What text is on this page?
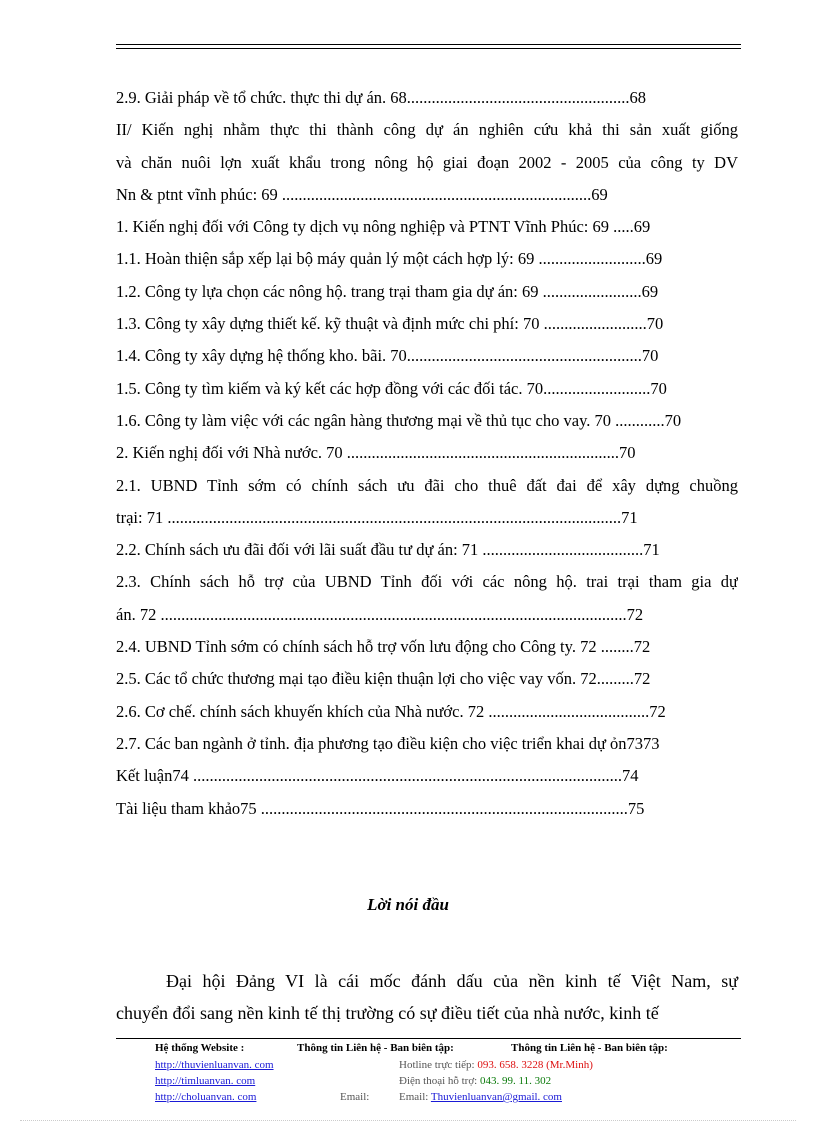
2.9. Giải pháp về tổ chức. thực thi dự án. 68......................................................68
II/ Kiến nghị nhằm thực thi thành công dự án nghiên cứu khả thi sản xuất giống
và chăn nuôi lợn xuất khẩu trong nông hộ giai đoạn 2002 - 2005 của công ty DV
Nn & ptnt vĩnh phúc: 69 ...........................................................................69
1. Kiến nghị đối với Công ty dịch vụ nông nghiệp và PTNT Vĩnh Phúc: 69 .....69
1.1. Hoàn thiện sắp xếp lại bộ máy quản lý một cách hợp lý: 69 ..........................69
1.2. Công ty lựa chọn các nông hộ. trang trại tham gia dự án: 69 ........................69
1.3. Công ty xây dựng thiết kế. kỹ thuật và định mức chi phí: 70 .........................70
1.4. Công ty xây dựng hệ thống kho. bãi. 70.........................................................70
1.5. Công ty tìm kiếm và ký kết các hợp đồng với các đối tác. 70..........................70
1.6. Công ty làm việc với các ngân hàng thương mại về thủ tục cho vay. 70 ............70
2. Kiến nghị đối với Nhà nước. 70 ..................................................................70
2.1. UBND Tỉnh sớm có chính sách ưu đãi cho thuê đất đai để xây dựng chuồng
trại: 71 ..............................................................................................................71
2.2. Chính sách ưu đãi đối với lãi suất đầu tư dự án: 71 .......................................71
2.3. Chính sách hỗ trợ của UBND Tỉnh đối với các nông hộ. trai trại tham gia dự
án. 72 .................................................................................................................72
2.4. UBND Tỉnh sớm có chính sách hỗ trợ vốn lưu động cho Công ty. 72 ........72
2.5. Các tổ chức thương mại tạo điều kiện thuận lợi cho việc vay vốn. 72.........72
2.6. Cơ chế. chính sách khuyến khích của Nhà nước. 72 .......................................72
2.7. Các ban ngành ở tỉnh. địa phương tạo điều kiện cho việc triển khai dự ỏn7373
Kết luận74 ........................................................................................................74
Tài liệu tham khảo75 .........................................................................................75
Lời nói đầu
Đại hội Đảng VI là cái mốc đánh dấu của nền kinh tế Việt Nam, sự
chuyển đổi sang nền kinh tế thị trường có sự điều tiết của nhà nước, kinh tế
Hệ thống Website :
http://thuvienluanvan. com
http://timluanvan. com
http://choluanvan. com
Thông tin Liên hệ - Ban biên tập:
Email:
Hotline trực tiếp: 093. 658. 3228 (Mr.Minh)
Điện thoại hỗ trợ: 043. 99. 11. 302
Email: Thuvienluanvan@gmail. com
Thông tin Liên hệ - Ban biên tập:
